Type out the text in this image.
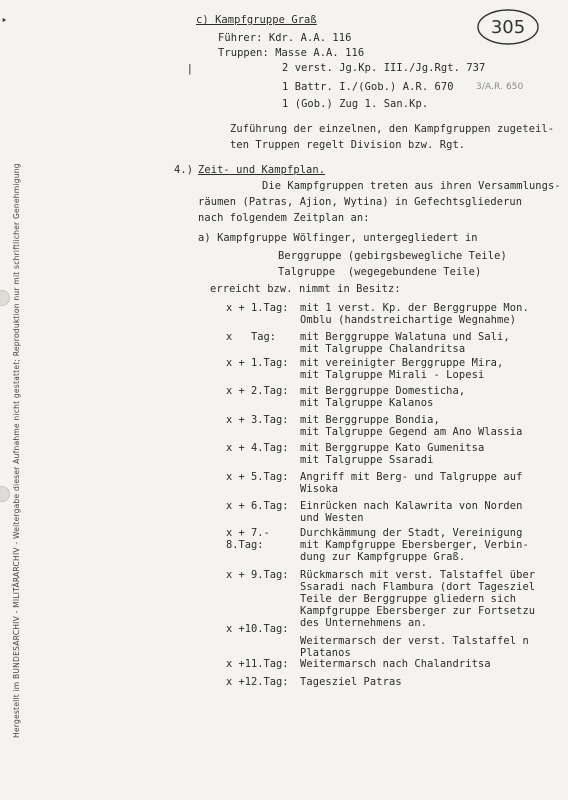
‣	305
Hergestellt im BUNDESARCHIV - MILITÄRARCHIV - Weitergabe dieser Aufnahme nicht gestattet; Reproduktion nur mit schriftlicher Genehmigung
c) Kampfgruppe Graß
Führer: Kdr. A.A. 116
Truppen: Masse A.A. 116
|	2 verst. Jg.Kp. III./Jg.Rgt. 737
1 Battr. I./(Gob.) A.R. 670 3/A.R. 650
1 (Gob.) Zug 1. San.Kp.
Zuführung der einzelnen, den Kampfgruppen zugeteil-
ten Truppen regelt Division bzw. Rgt.
4.) Zeit- und Kampfplan.
Die Kampfgruppen treten aus ihren Versammlungs-
räumen (Patras, Ajion, Wytina) in Gefechtsgliederun
nach folgendem Zeitplan an:
a) Kampfgruppe Wölfinger, untergegliedert in
Berggruppe (gebirgsbewegliche Teile)
Talgruppe  (wegegebundene Teile)
erreicht bzw. nimmt in Besitz:
x + 1.Tag: mit 1 verst. Kp. der Berggruppe Mon.
Omblu (handstreichartige Wegnahme)
x   Tag: mit Berggruppe Walatuna und Sali,
mit Talgruppe Chalandritsa
x + 1.Tag: mit vereinigter Berggruppe Mira,
mit Talgruppe Mirali - Lopesi
x + 2.Tag: mit Berggruppe Domesticha,
mit Talgruppe Kalanos
x + 3.Tag: mit Berggruppe Bondia,
mit Talgruppe Gegend am Ano Wlassia
x + 4.Tag: mit Berggruppe Kato Gumenitsa
mit Talgruppe Ssaradi
x + 5.Tag: Angriff mit Berg- und Talgruppe auf
Wisoka
x + 6.Tag: Einrücken nach Kalawrita von Norden
und Westen
x + 7.- 8.Tag:
Durchkämmung der Stadt, Vereinigung
mit Kampfgruppe Ebersberger, Verbin-
dung zur Kampfgruppe Graß.
x + 9.Tag: Rückmarsch mit verst. Talstaffel über
Ssaradi nach Flambura (dort Tagesziel
Teile der Berggruppe gliedern sich
Kampfgruppe Ebersberger zur Fortsetzu
des Unternehmens an.
x +10.Tag:
Weitermarsch der verst. Talstaffel n
Platanos
x +11.Tag: Weitermarsch nach Chalandritsa
x +12.Tag: Tagesziel Patras
